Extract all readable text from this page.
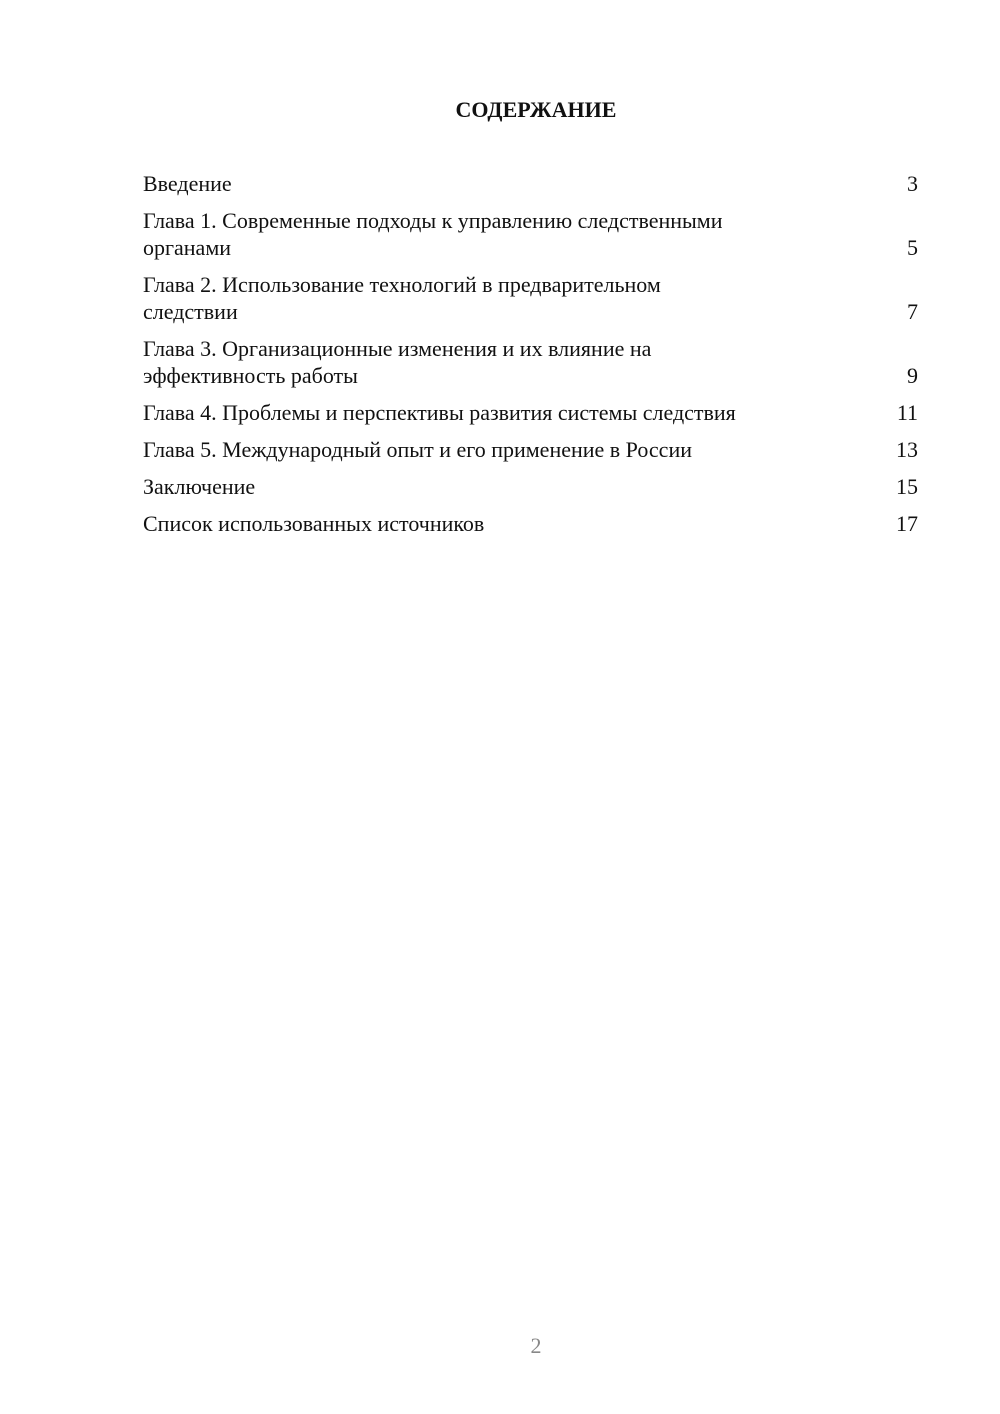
СОДЕРЖАНИЕ
Введение	3
Глава 1. Современные подходы к управлению следственными
органами	5
Глава 2. Использование технологий в предварительном
следствии	7
Глава 3. Организационные изменения и их влияние на
эффективность работы	9
Глава 4. Проблемы и перспективы развития системы следствия	11
Глава 5. Международный опыт и его применение в России	13
Заключение	15
Список использованных источников	17
2
